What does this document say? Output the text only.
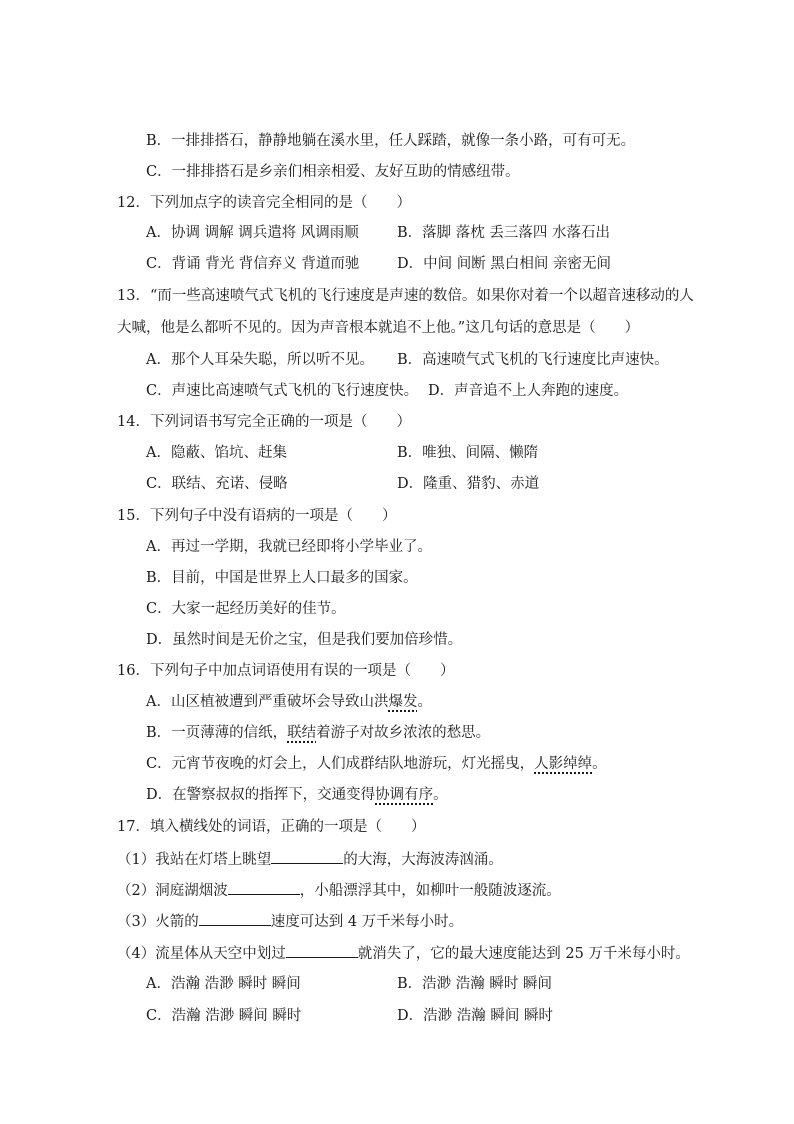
B．一排排搭石，静静地躺在溪水里，任人踩踏，就像一条小路，可有可无。
C．一排排搭石是乡亲们相亲相爱、友好互助的情感纽带。
12．下列加点字的读音完全相同的是（　　）
A．协调 调解 调兵遣将 风调雨顺	B．落脚 落枕 丢三落四 水落石出
C．背诵 背光 背信弃义 背道而驰	D．中间 间断 黑白相间 亲密无间
13．“而一些高速喷气式飞机的飞行速度是声速的数倍。如果你对着一个以超音速移动的人
大喊，他是么都听不见的。因为声音根本就追不上他。”这几句话的意思是（　　）
A．那个人耳朵失聪，所以听不见。 B．高速喷气式飞机的飞行速度比声速快。
C．声速比高速喷气式飞机的飞行速度快。 D．声音追不上人奔跑的速度。
14．下列词语书写完全正确的一项是（　　）
A．隐蔽、馅坑、赶集	B．唯独、间隔、懒隋
C．联结、充诺、侵略	D．隆重、猎豹、赤道
15．下列句子中没有语病的一项是（　　）
A．再过一学期，我就已经即将小学毕业了。
B．目前，中国是世界上人口最多的国家。
C．大家一起经历美好的佳节。
D．虽然时间是无价之宝，但是我们要加倍珍惜。
16．下列句子中加点词语使用有误的一项是（　　）
A．山区植被遭到严重破坏会导致山洪爆发。
B．一页薄薄的信纸，联结着游子对故乡浓浓的愁思。
C．元宵节夜晚的灯会上，人们成群结队地游玩，灯光摇曳，人影绰绰。
D．在警察叔叔的指挥下，交通变得协调有序。
17．填入横线处的词语，正确的一项是（　　）
（1）我站在灯塔上眺望	的大海，大海波涛汹涌。
（2）洞庭湖烟波	，小船漂浮其中，如柳叶一般随波逐流。
（3）火箭的	速度可达到 4 万千米每小时。
（4）流星体从天空中划过	就消失了，它的最大速度能达到 25 万千米每小时。
A．浩瀚 浩渺 瞬时 瞬间	B．浩渺 浩瀚 瞬时 瞬间
C．浩瀚 浩渺 瞬间 瞬时	D．浩渺 浩瀚 瞬间 瞬时
